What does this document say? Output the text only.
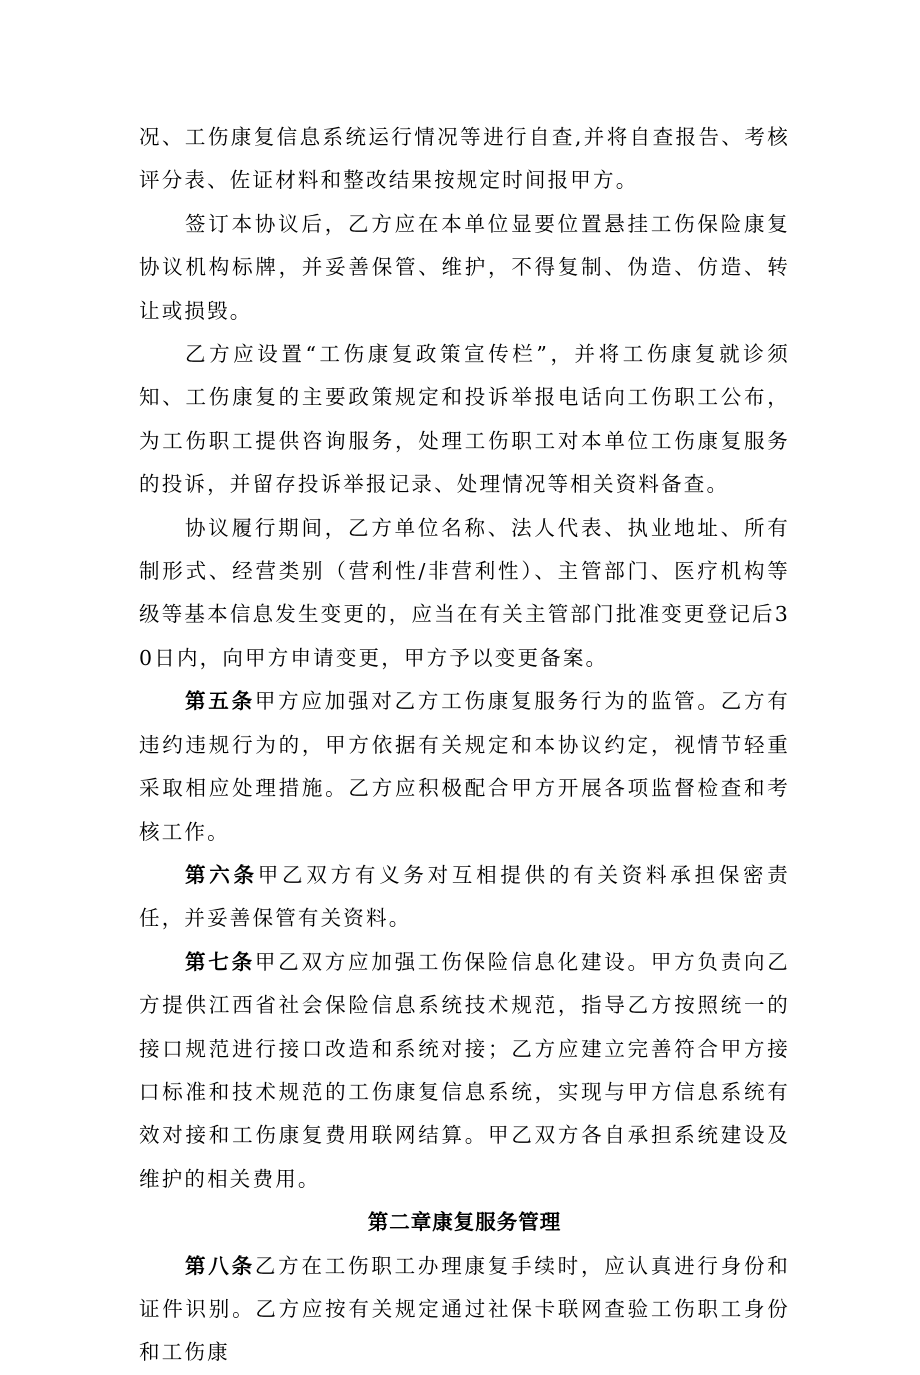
况、工伤康复信息系统运行情况等进行自查,并将自查报告、考核评分表、佐证材料和整改结果按规定时间报甲方。

签订本协议后，乙方应在本单位显要位置悬挂工伤保险康复协议机构标牌，并妥善保管、维护，不得复制、伪造、仿造、转让或损毁。

乙方应设置“工伤康复政策宣传栏”，并将工伤康复就诊须知、工伤康复的主要政策规定和投诉举报电话向工伤职工公布，为工伤职工提供咨询服务，处理工伤职工对本单位工伤康复服务的投诉，并留存投诉举报记录、处理情况等相关资料备查。

协议履行期间，乙方单位名称、法人代表、执业地址、所有制形式、经营类别（营利性/非营利性）、主管部门、医疗机构等级等基本信息发生变更的，应当在有关主管部门批准变更登记后30日内，向甲方申请变更，甲方予以变更备案。

第五条甲方应加强对乙方工伤康复服务行为的监管。乙方有违约违规行为的，甲方依据有关规定和本协议约定，视情节轻重采取相应处理措施。乙方应积极配合甲方开展各项监督检查和考核工作。

第六条甲乙双方有义务对互相提供的有关资料承担保密责任，并妥善保管有关资料。

第七条甲乙双方应加强工伤保险信息化建设。甲方负责向乙方提供江西省社会保险信息系统技术规范，指导乙方按照统一的接口规范进行接口改造和系统对接；乙方应建立完善符合甲方接口标准和技术规范的工伤康复信息系统，实现与甲方信息系统有效对接和工伤康复费用联网结算。甲乙双方各自承担系统建设及维护的相关费用。

第二章康复服务管理

第八条乙方在工伤职工办理康复手续时，应认真进行身份和证件识别。乙方应按有关规定通过社保卡联网查验工伤职工身份和工伤康
